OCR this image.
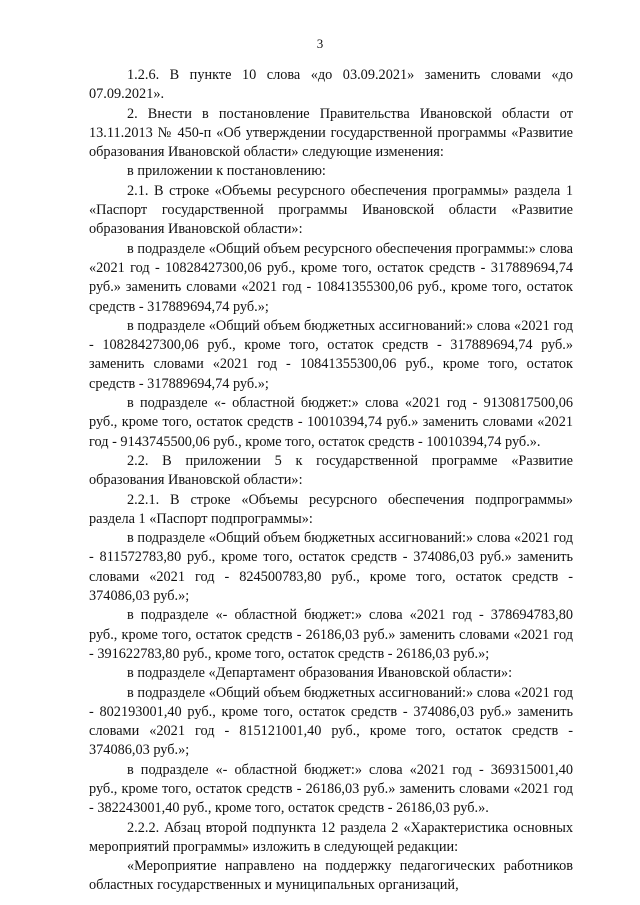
3

1.2.6. В пункте 10 слова «до 03.09.2021» заменить словами «до 07.09.2021».

2. Внести в постановление Правительства Ивановской области от 13.11.2013 № 450-п «Об утверждении государственной программы «Развитие образования Ивановской области» следующие изменения:

в приложении к постановлению:

2.1. В строке «Объемы ресурсного обеспечения программы» раздела 1 «Паспорт государственной программы Ивановской области «Развитие образования Ивановской области»:

в подразделе «Общий объем ресурсного обеспечения программы:» слова «2021 год - 10828427300,06 руб., кроме того, остаток средств - 317889694,74 руб.» заменить словами «2021 год - 10841355300,06 руб., кроме того, остаток средств - 317889694,74 руб.»;

в подразделе «Общий объем бюджетных ассигнований:» слова «2021 год - 10828427300,06 руб., кроме того, остаток средств - 317889694,74 руб.» заменить словами «2021 год - 10841355300,06 руб., кроме того, остаток средств - 317889694,74 руб.»;

в подразделе «- областной бюджет:» слова «2021 год - 9130817500,06 руб., кроме того, остаток средств - 10010394,74 руб.» заменить словами «2021 год - 9143745500,06 руб., кроме того, остаток средств - 10010394,74 руб.».

2.2. В приложении 5 к государственной программе «Развитие образования Ивановской области»:

2.2.1. В строке «Объемы ресурсного обеспечения подпрограммы» раздела 1 «Паспорт подпрограммы»:

в подразделе «Общий объем бюджетных ассигнований:» слова «2021 год - 811572783,80 руб., кроме того, остаток средств - 374086,03 руб.» заменить словами «2021 год - 824500783,80 руб., кроме того, остаток средств - 374086,03 руб.»;

в подразделе «- областной бюджет:» слова «2021 год - 378694783,80 руб., кроме того, остаток средств - 26186,03 руб.» заменить словами «2021 год - 391622783,80 руб., кроме того, остаток средств - 26186,03 руб.»;

в подразделе «Департамент образования Ивановской области»:

в подразделе «Общий объем бюджетных ассигнований:» слова «2021 год - 802193001,40 руб., кроме того, остаток средств - 374086,03 руб.» заменить словами «2021 год - 815121001,40 руб., кроме того, остаток средств - 374086,03 руб.»;

в подразделе «- областной бюджет:» слова «2021 год - 369315001,40 руб., кроме того, остаток средств - 26186,03 руб.» заменить словами «2021 год - 382243001,40 руб., кроме того, остаток средств - 26186,03 руб.».

2.2.2. Абзац второй подпункта 12 раздела 2 «Характеристика основных мероприятий программы» изложить в следующей редакции:

«Мероприятие направлено на поддержку педагогических работников областных государственных и муниципальных организаций,
